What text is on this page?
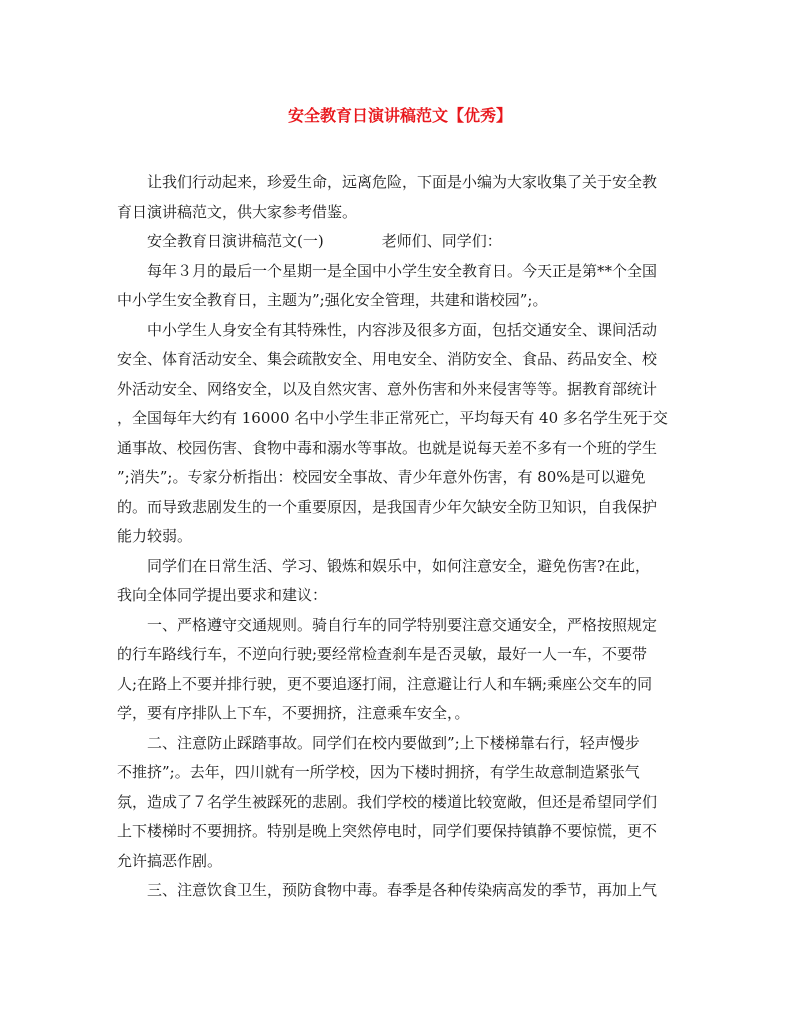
安全教育日演讲稿范文【优秀】
让我们行动起来，珍爱生命，远离危险，下面是小编为大家收集了关于安全教
育日演讲稿范文，供大家参考借鉴。
安全教育日演讲稿范文(一)	老师们、同学们：
每年３月的最后一个星期一是全国中小学生安全教育日。今天正是第**个全国
中小学生安全教育日，主题为”;强化安全管理，共建和谐校园”;。
中小学生人身安全有其特殊性，内容涉及很多方面，包括交通安全、课间活动
安全、体育活动安全、集会疏散安全、用电安全、消防安全、食品、药品安全、校
外活动安全、网络安全，以及自然灾害、意外伤害和外来侵害等等。据教育部统计
，全国每年大约有 16000 名中小学生非正常死亡，平均每天有 40 多名学生死于交
通事故、校园伤害、食物中毒和溺水等事故。也就是说每天差不多有一个班的学生
”;消失”;。专家分析指出：校园安全事故、青少年意外伤害，有 80%是可以避免
的。而导致悲剧发生的一个重要原因，是我国青少年欠缺安全防卫知识，自我保护
能力较弱。
同学们在日常生活、学习、锻炼和娱乐中，如何注意安全，避免伤害?在此，
我向全体同学提出要求和建议：
一、严格遵守交通规则。骑自行车的同学特别要注意交通安全，严格按照规定
的行车路线行车，不逆向行驶;要经常检查刹车是否灵敏，最好一人一车，不要带
人;在路上不要并排行驶，更不要追逐打闹，注意避让行人和车辆;乘座公交车的同
学，要有序排队上下车，不要拥挤，注意乘车安全，。
二、注意防止踩踏事故。同学们在校内要做到”;上下楼梯靠右行，轻声慢步
不推挤”;。去年，四川就有一所学校，因为下楼时拥挤，有学生故意制造紧张气
氛，造成了７名学生被踩死的悲剧。我们学校的楼道比较宽敞，但还是希望同学们
上下楼梯时不要拥挤。特别是晚上突然停电时，同学们要保持镇静不要惊慌，更不
允许搞恶作剧。
三、注意饮食卫生，预防食物中毒。春季是各种传染病高发的季节，再加上气
